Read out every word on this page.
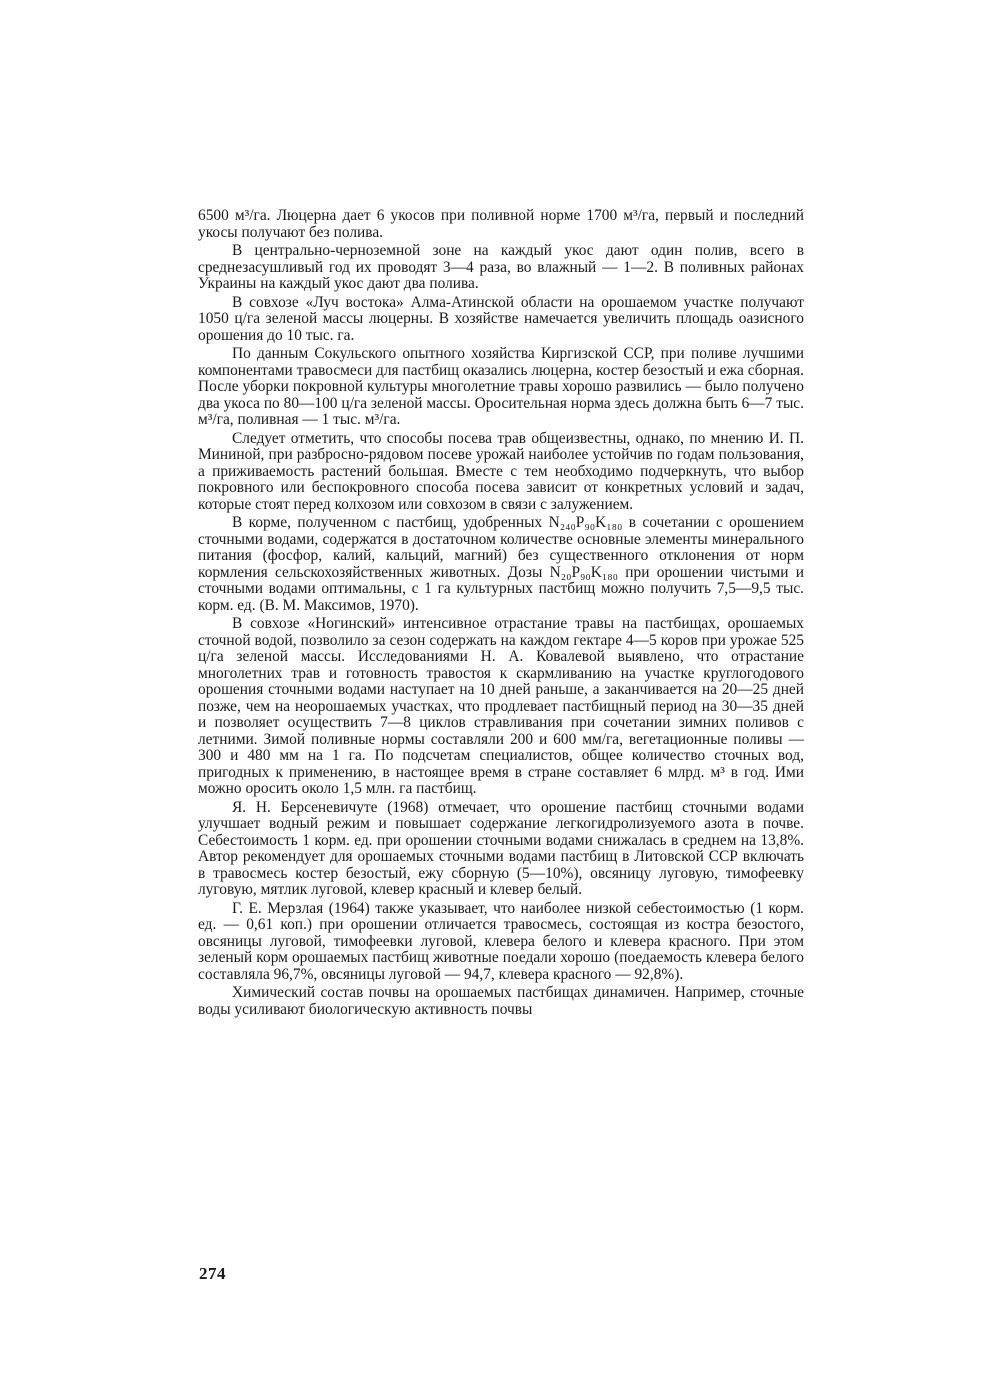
6500 м³/га. Люцерна дает 6 укосов при поливной норме 1700 м³/га, первый и последний укосы получают без полива.

В центрально-черноземной зоне на каждый укос дают один полив, всего в среднезасушливый год их проводят 3—4 раза, во влажный — 1—2. В поливных районах Украины на каждый укос дают два полива.

В совхозе «Луч востока» Алма-Атинской области на орошаемом участке получают 1050 ц/га зеленой массы люцерны. В хозяйстве намечается увеличить площадь оазисного орошения до 10 тыс. га.

По данным Сокульского опытного хозяйства Киргизской ССР, при поливе лучшими компонентами травосмеси для пастбищ оказались люцерна, костер безостый и ежа сборная. После уборки покровной культуры многолетние травы хорошо развились — было получено два укоса по 80—100 ц/га зеленой массы. Оросительная норма здесь должна быть 6—7 тыс. м³/га, поливная — 1 тыс. м³/га.

Следует отметить, что способы посева трав общеизвестны, однако, по мнению И. П. Мининой, при разбросно-рядовом посеве урожай наиболее устойчив по годам пользования, а приживаемость растений большая. Вместе с тем необходимо подчеркнуть, что выбор покровного или беспокровного способа посева зависит от конкретных условий и задач, которые стоят перед колхозом или совхозом в связи с залужением.

В корме, полученном с пастбищ, удобренных N₂₄₀P₉₀K₁₈₀ в сочетании с орошением сточными водами, содержатся в достаточном количестве основные элементы минерального питания (фосфор, калий, кальций, магний) без существенного отклонения от норм кормления сельскохозяйственных животных. Дозы N₂₀P₉₀K₁₈₀ при орошении чистыми и сточными водами оптимальны, с 1 га культурных пастбищ можно получить 7,5—9,5 тыс. корм. ед. (В. М. Максимов, 1970).

В совхозе «Ногинский» интенсивное отрастание травы на пастбищах, орошаемых сточной водой, позволило за сезон содержать на каждом гектаре 4—5 коров при урожае 525 ц/га зеленой массы. Исследованиями Н. А. Ковалевой выявлено, что отрастание многолетних трав и готовность травостоя к скармливанию на участке круглогодового орошения сточными водами наступает на 10 дней раньше, а заканчивается на 20—25 дней позже, чем на неорошаемых участках, что продлевает пастбищный период на 30—35 дней и позволяет осуществить 7—8 циклов стравливания при сочетании зимних поливов с летними. Зимой поливные нормы составляли 200 и 600 мм/га, вегетационные поливы — 300 и 480 мм на 1 га. По подсчетам специалистов, общее количество сточных вод, пригодных к применению, в настоящее время в стране составляет 6 млрд. м³ в год. Ими можно оросить около 1,5 млн. га пастбищ.

Я. Н. Берсеневичуте (1968) отмечает, что орошение пастбищ сточными водами улучшает водный режим и повышает содержание легкогидролизуемого азота в почве. Себестоимость 1 корм. ед. при орошении сточными водами снижалась в среднем на 13,8%. Автор рекомендует для орошаемых сточными водами пастбищ в Литовской ССР включать в травосмесь костер безостый, ежу сборную (5—10%), овсяницу луговую, тимофеевку луговую, мятлик луговой, клевер красный и клевер белый.

Г. Е. Мерзлая (1964) также указывает, что наиболее низкой себестоимостью (1 корм. ед. — 0,61 коп.) при орошении отличается травосмесь, состоящая из костра безостого, овсяницы луговой, тимофеевки луговой, клевера белого и клевера красного. При этом зеленый корм орошаемых пастбищ животные поедали хорошо (поедаемость клевера белого составляла 96,7%, овсяницы луговой — 94,7, клевера красного — 92,8%).

Химический состав почвы на орошаемых пастбищах динамичен. Например, сточные воды усиливают биологическую активность почвы

274
